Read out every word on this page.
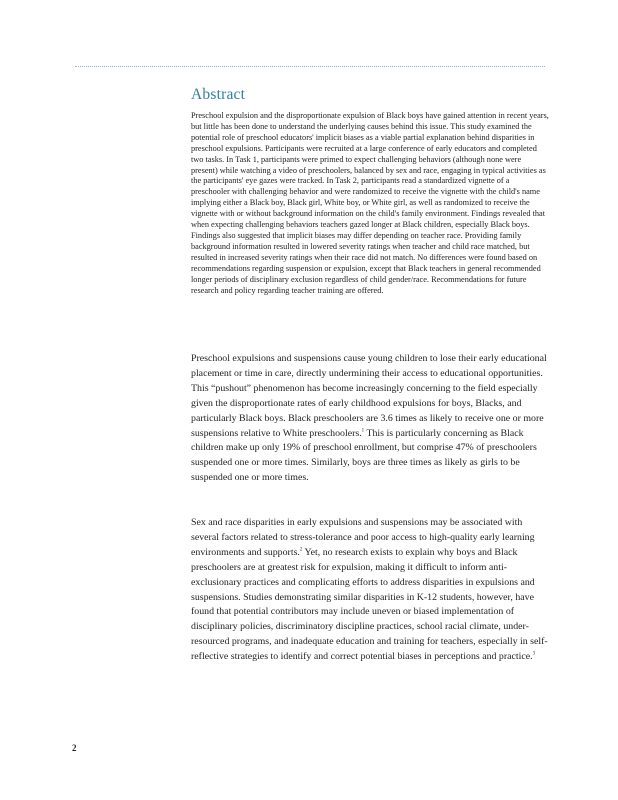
Abstract

Preschool expulsion and the disproportionate expulsion of Black boys have gained attention in recent years, but little has been done to understand the underlying causes behind this issue. This study examined the potential role of preschool educators' implicit biases as a viable partial explanation behind disparities in preschool expulsions. Participants were recruited at a large conference of early educators and completed two tasks. In Task 1, participants were primed to expect challenging behaviors (although none were present) while watching a video of preschoolers, balanced by sex and race, engaging in typical activities as the participants' eye gazes were tracked. In Task 2, participants read a standardized vignette of a preschooler with challenging behavior and were randomized to receive the vignette with the child's name implying either a Black boy, Black girl, White boy, or White girl, as well as randomized to receive the vignette with or without background information on the child's family environment. Findings revealed that when expecting challenging behaviors teachers gazed longer at Black children, especially Black boys. Findings also suggested that implicit biases may differ depending on teacher race. Providing family background information resulted in lowered severity ratings when teacher and child race matched, but resulted in increased severity ratings when their race did not match. No differences were found based on recommendations regarding suspension or expulsion, except that Black teachers in general recommended longer periods of disciplinary exclusion regardless of child gender/race. Recommendations for future research and policy regarding teacher training are offered.

Preschool expulsions and suspensions cause young children to lose their early educational placement or time in care, directly undermining their access to educational opportunities. This “pushout” phenomenon has become increasingly concerning to the field especially given the disproportionate rates of early childhood expulsions for boys, Blacks, and particularly Black boys. Black preschoolers are 3.6 times as likely to receive one or more suspensions relative to White preschoolers.$^1$ This is particularly concerning as Black children make up only 19% of preschool enrollment, but comprise 47% of preschoolers suspended one or more times. Similarly, boys are three times as likely as girls to be suspended one or more times.

Sex and race disparities in early expulsions and suspensions may be associated with several factors related to stress-tolerance and poor access to high-quality early learning environments and supports.$^2$ Yet, no research exists to explain why boys and Black preschoolers are at greatest risk for expulsion, making it difficult to inform anti-exclusionary practices and complicating efforts to address disparities in expulsions and suspensions. Studies demonstrating similar disparities in K-12 students, however, have found that potential contributors may include uneven or biased implementation of disciplinary policies, discriminatory discipline practices, school racial climate, under-resourced programs, and inadequate education and training for teachers, especially in self-reflective strategies to identify and correct potential biases in perceptions and practice.$^3$

2
